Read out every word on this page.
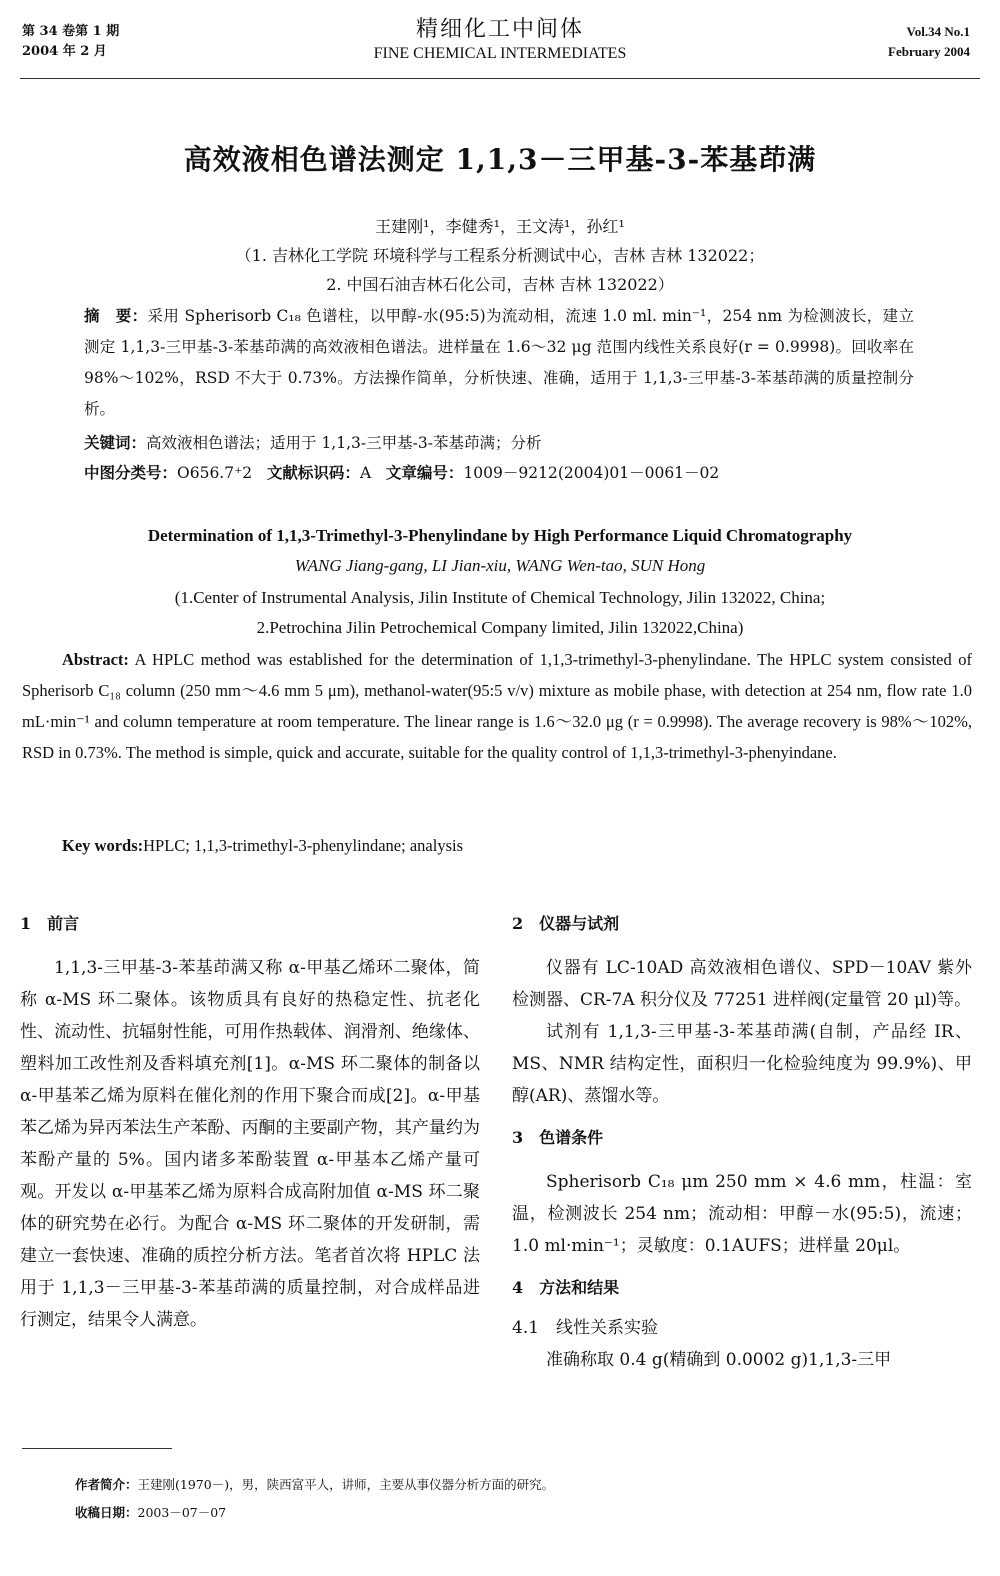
第 34 卷第 1 期
2004 年 2 月
精细化工中间体
FINE CHEMICAL INTERMEDIATES
Vol.34 No.1
February 2004
高效液相色谱法测定 1,1,3－三甲基-3-苯基茚满
王建刚¹，李健秀¹，王文涛¹，孙红¹
（1. 吉林化工学院 环境科学与工程系分析测试中心，吉林 吉林 132022；
2. 中国石油吉林石化公司，吉林 吉林 132022）
摘　要：采用 Spherisorb C₁₈ 色谱柱，以甲醇-水(95:5)为流动相，流速 1.0 ml. min⁻¹，254 nm 为检测波长，建立测定 1,1,3-三甲基-3-苯基茚满的高效液相色谱法。进样量在 1.6～32 μg 范围内线性关系良好(r = 0.9998)。回收率在 98%～102%，RSD 不大于 0.73%。方法操作简单，分析快速、准确，适用于 1,1,3-三甲基-3-苯基茚满的质量控制分析。
关键词：高效液相色谱法；适用于 1,1,3-三甲基-3-苯基茚满；分析
中图分类号：O656.7⁺2 文献标识码：A 文章编号：1009－9212(2004)01－0061－02
Determination of 1,1,3-Trimethyl-3-Phenylindane by High Performance Liquid Chromatography
WANG Jiang-gang, LI Jian-xiu, WANG Wen-tao, SUN Hong
(1.Center of Instrumental Analysis, Jilin Institute of Chemical Technology, Jilin 132022, China;
2.Petrochina Jilin Petrochemical Company limited, Jilin 132022,China)
Abstract: A HPLC method was established for the determination of 1,1,3-trimethyl-3-phenylindane. The HPLC system consisted of Spherisorb C₁₈ column (250 mm～4.6 mm 5 μm), methanol-water(95:5 v/v) mixture as mobile phase, with detection at 254 nm, flow rate 1.0 mL·min⁻¹ and column temperature at room temperature. The linear range is 1.6～32.0 μg (r = 0.9998). The average recovery is 98%～102%, RSD in 0.73%. The method is simple, quick and accurate, suitable for the quality control of 1,1,3-trimethyl-3-phenyindane.
Key words:HPLC; 1,1,3-trimethyl-3-phenylindane; analysis
1　前言

1,1,3-三甲基-3-苯基茚满又称 α-甲基乙烯环二聚体，简称 α-MS 环二聚体。该物质具有良好的热稳定性、抗老化性、流动性、抗辐射性能，可用作热载体、润滑剂、绝缘体、塑料加工改性剂及香料填充剂[1]。α-MS 环二聚体的制备以 α-甲基苯乙烯为原料在催化剂的作用下聚合而成[2]。α-甲基苯乙烯为异丙苯法生产苯酚、丙酮的主要副产物，其产量约为苯酚产量的 5%。国内诸多苯酚装置 α-甲基本乙烯产量可观。开发以 α-甲基苯乙烯为原料合成高附加值 α-MS 环二聚体的研究势在必行。为配合 α-MS 环二聚体的开发研制，需建立一套快速、准确的质控分析方法。笔者首次将 HPLC 法用于 1,1,3－三甲基-3-苯基茚满的质量控制，对合成样品进行测定，结果令人满意。

2　仪器与试剂

仪器有 LC-10AD 高效液相色谱仪、SPD－10AV 紫外检测器、CR-7A 积分仪及 77251 进样阀(定量管 20 μl)等。

试剂有 1,1,3-三甲基-3-苯基茚满(自制，产品经 IR、MS、NMR 结构定性，面积归一化检验纯度为 99.9%)、甲醇(AR)、蒸馏水等。

3　色谱条件

Spherisorb C₁₈ μm 250 mm × 4.6 mm，柱温：室温，检测波长 254 nm；流动相：甲醇－水(95:5)，流速；1.0 ml·min⁻¹；灵敏度：0.1AUFS；进样量 20μl。

4　方法和结果
4.1　线性关系实验

准确称取 0.4 g(精确到 0.0002 g)1,1,3-三甲

作者简介：王建刚(1970－)，男，陕西富平人，讲师，主要从事仪器分析方面的研究。
收稿日期：2003－07－07
